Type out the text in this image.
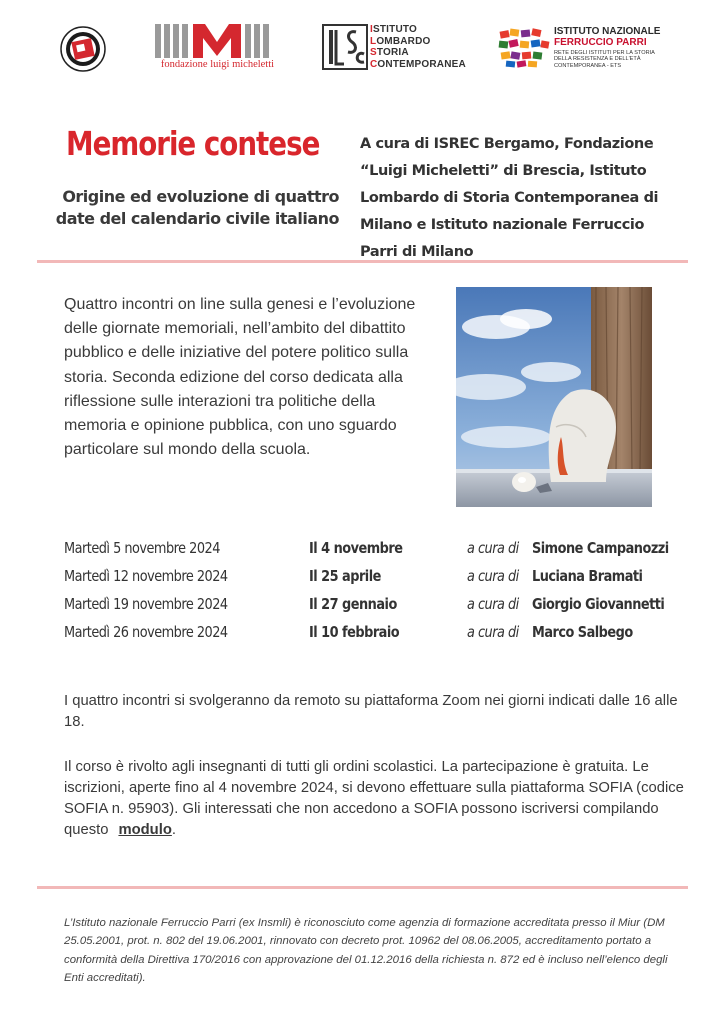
fondazione luigi micheletti
ISTITUTO
LOMBARDO
STORIA
CONTEMPORANEA
ISTITUTO NAZIONALE
FERRUCCIO PARRI
RETE DEGLI ISTITUTI PER LA STORIA
DELLA RESISTENZA E DELL'ETÀ
CONTEMPORANEA - ETS
Memorie contese
Origine ed evoluzione di quattro
date del calendario civile italiano
A cura di ISREC Bergamo, Fondazione “Luigi Micheletti” di Brescia, Istituto Lombardo di Storia Contemporanea di Milano e Istituto nazionale Ferruccio Parri di Milano
Quattro incontri on line sulla genesi e l’evoluzione delle giornate memoriali, nell’ambito del dibattito pubblico e delle iniziative del potere politico sulla storia. Seconda edizione del corso dedicata alla riflessione sulle interazioni tra politiche della memoria e opinione pubblica, con uno sguardo particolare sul mondo della scuola.
Martedì 5 novembre 2024	Il 4 novembre	a cura di Simone Campanozzi
Martedì 12 novembre 2024	Il 25 aprile	a cura di Luciana Bramati
Martedì 19 novembre 2024	Il 27 gennaio	a cura di Giorgio Giovannetti
Martedì 26 novembre 2024	Il 10 febbraio	a cura di Marco Salbego
I quattro incontri si svolgeranno da remoto su piattaforma Zoom nei giorni indicati dalle 16 alle 18.
Il corso è rivolto agli insegnanti di tutti gli ordini scolastici. La partecipazione è gratuita. Le iscrizioni, aperte fino al 4 novembre 2024, si devono effettuare sulla piattaforma SOFIA (codice SOFIA n. 95903). Gli interessati che non accedono a SOFIA possono iscriversi compilando questo modulo.
L’Istituto nazionale Ferruccio Parri (ex Insmli) è riconosciuto come agenzia di formazione accreditata presso il Miur (DM 25.05.2001, prot. n. 802 del 19.06.2001, rinnovato con decreto prot. 10962 del 08.06.2005, accreditamento portato a conformità della Direttiva 170/2016 con approvazione del 01.12.2016 della richiesta n. 872 ed è incluso nell’elenco degli Enti accreditati).
